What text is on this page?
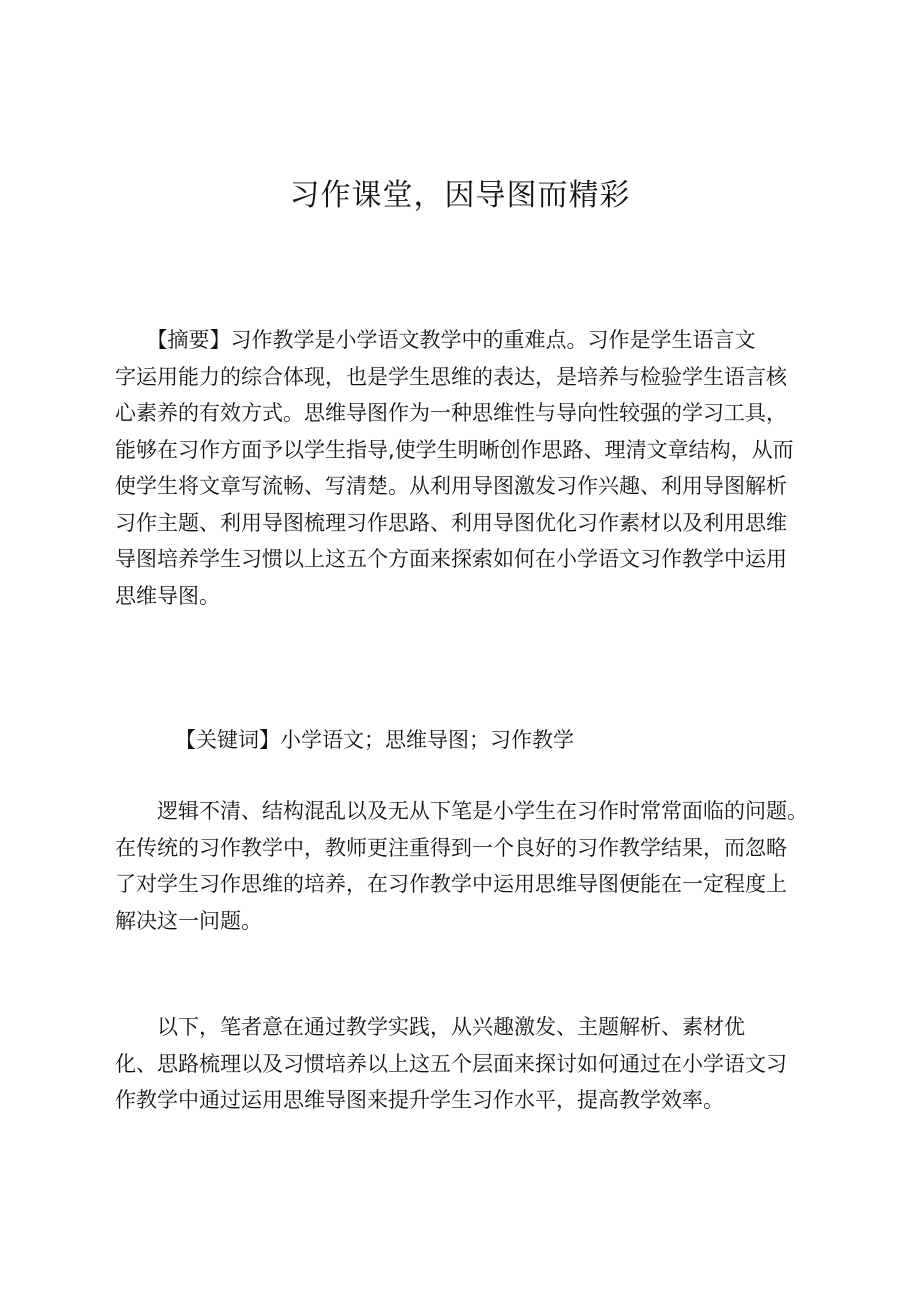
习作课堂，因导图而精彩
　　【摘要】习作教学是小学语文教学中的重难点。习作是学生语言文
字运用能力的综合体现，也是学生思维的表达，是培养与检验学生语言核
心素养的有效方式。思维导图作为一种思维性与导向性较强的学习工具，
能够在习作方面予以学生指导,使学生明晰创作思路、理清文章结构，从而
使学生将文章写流畅、写清楚。从利用导图激发习作兴趣、利用导图解析
习作主题、利用导图梳理习作思路、利用导图优化习作素材以及利用思维
导图培养学生习惯以上这五个方面来探索如何在小学语文习作教学中运用
思维导图。
【关键词】小学语文；思维导图；习作教学
　　逻辑不清、结构混乱以及无从下笔是小学生在习作时常常面临的问题。
在传统的习作教学中，教师更注重得到一个良好的习作教学结果，而忽略
了对学生习作思维的培养，在习作教学中运用思维导图便能在一定程度上
解决这一问题。
　　以下，笔者意在通过教学实践，从兴趣激发、主题解析、素材优
化、思路梳理以及习惯培养以上这五个层面来探讨如何通过在小学语文习
作教学中通过运用思维导图来提升学生习作水平，提高教学效率。
